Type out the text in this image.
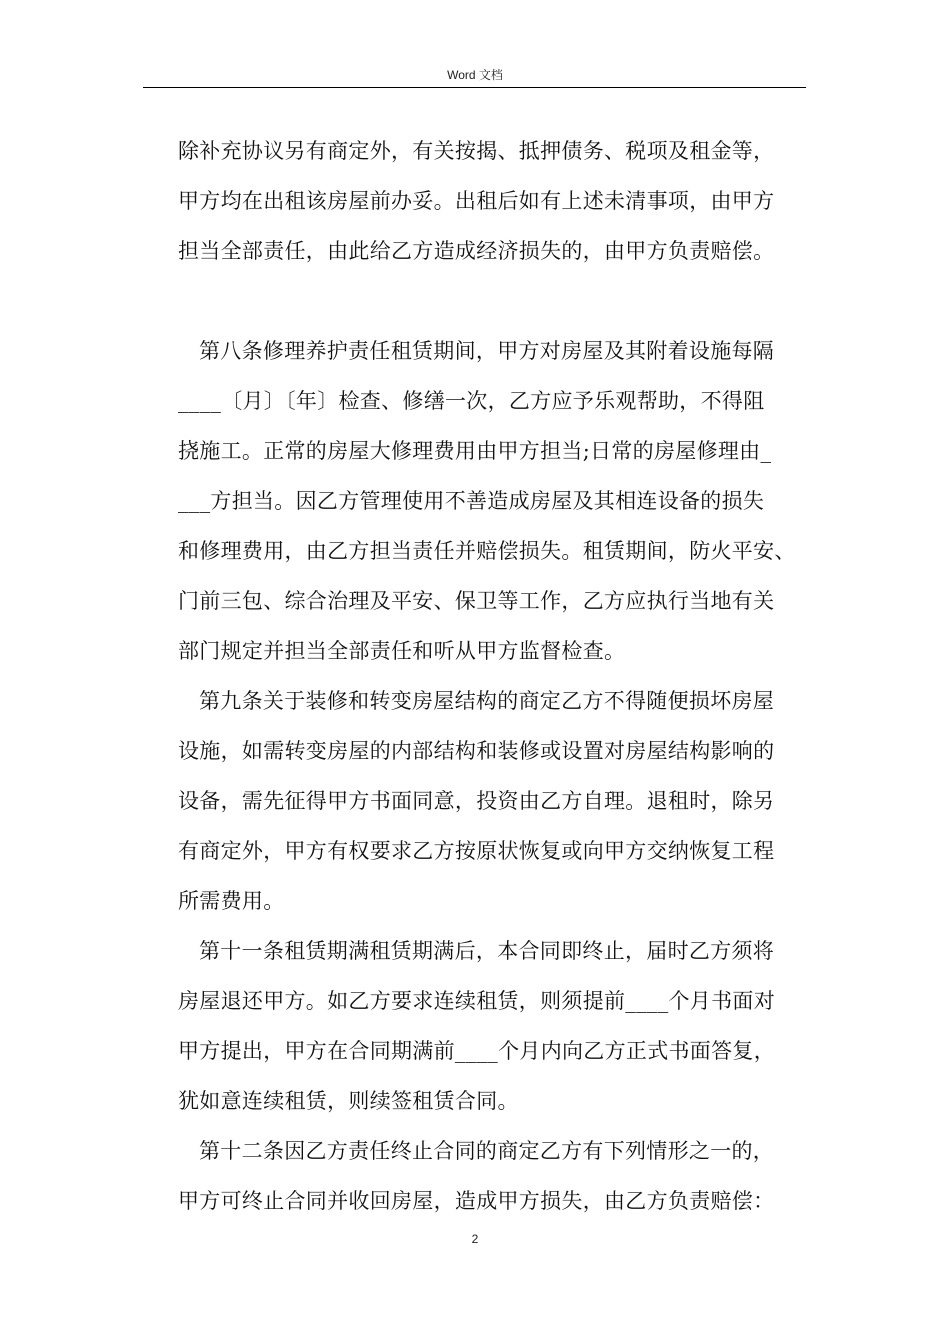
Word 文档
除补充协议另有商定外，有关按揭、抵押债务、税项及租金等，
甲方均在出租该房屋前办妥。出租后如有上述未清事项，由甲方
担当全部责任，由此给乙方造成经济损失的，由甲方负责赔偿。
第八条修理养护责任租赁期间，甲方对房屋及其附着设施每隔
____〔月〕〔年〕检查、修缮一次，乙方应予乐观帮助，不得阻
挠施工。正常的房屋大修理费用由甲方担当;日常的房屋修理由_
___方担当。因乙方管理使用不善造成房屋及其相连设备的损失
和修理费用，由乙方担当责任并赔偿损失。租赁期间，防火平安、
门前三包、综合治理及平安、保卫等工作，乙方应执行当地有关
部门规定并担当全部责任和听从甲方监督检查。
第九条关于装修和转变房屋结构的商定乙方不得随便损坏房屋
设施，如需转变房屋的内部结构和装修或设置对房屋结构影响的
设备，需先征得甲方书面同意，投资由乙方自理。退租时，除另
有商定外，甲方有权要求乙方按原状恢复或向甲方交纳恢复工程
所需费用。
第十一条租赁期满租赁期满后，本合同即终止，届时乙方须将
房屋退还甲方。如乙方要求连续租赁，则须提前____个月书面对
甲方提出，甲方在合同期满前____个月内向乙方正式书面答复，
犹如意连续租赁，则续签租赁合同。
第十二条因乙方责任终止合同的商定乙方有下列情形之一的，
甲方可终止合同并收回房屋，造成甲方损失，由乙方负责赔偿：
2
